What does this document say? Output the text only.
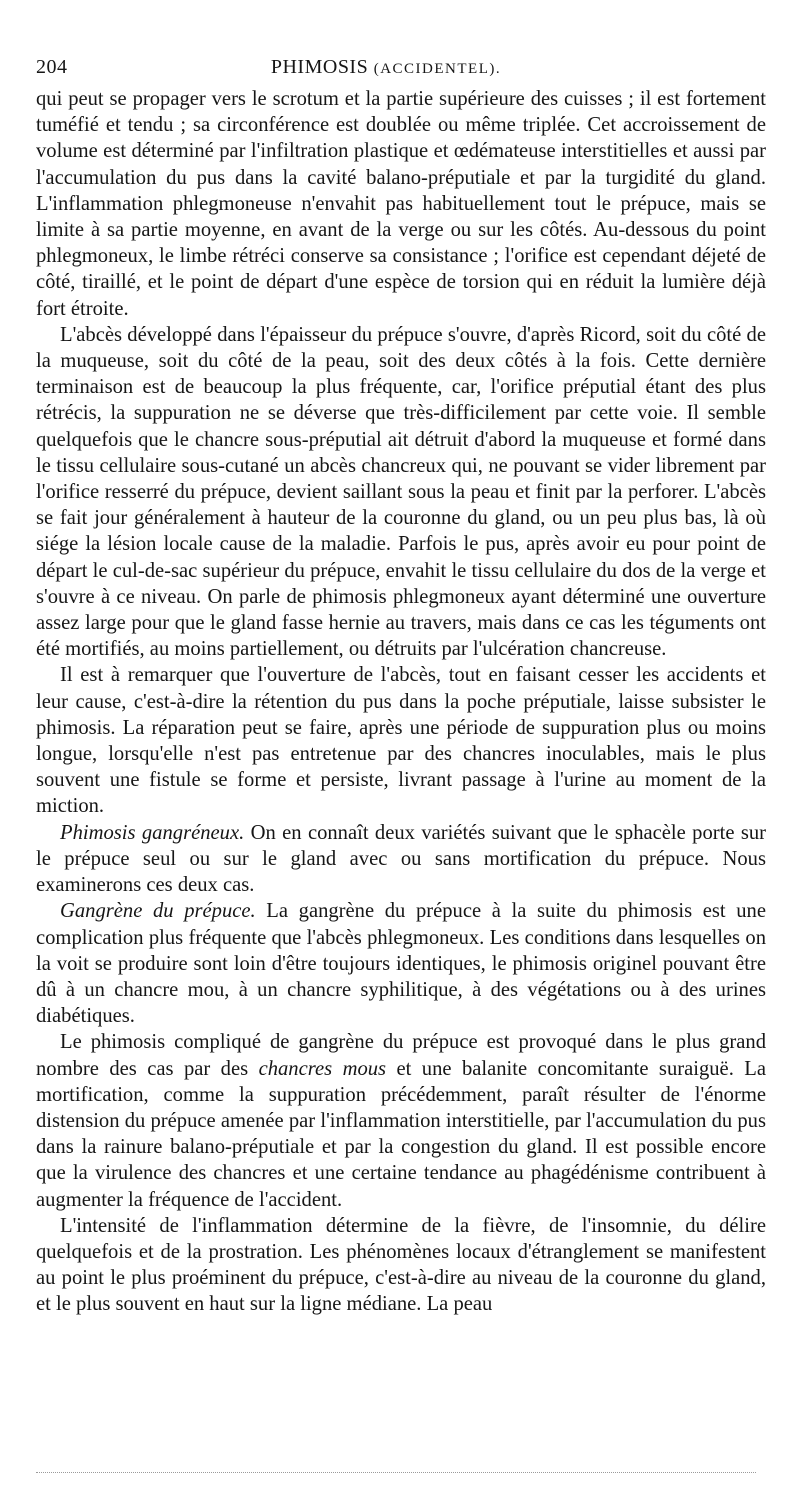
204	PHIMOSIS (ACCIDENTEL).

qui peut se propager vers le scrotum et la partie supérieure des cuisses ; il est fortement tuméfié et tendu ; sa circonférence est doublée ou même triplée. Cet accroissement de volume est déterminé par l'infiltration plastique et œdémateuse interstitielles et aussi par l'accumulation du pus dans la cavité balano-préputiale et par la turgidité du gland. L'inflammation phlegmoneuse n'envahit pas habituellement tout le prépuce, mais se limite à sa partie moyenne, en avant de la verge ou sur les côtés. Au-dessous du point phlegmoneux, le limbe rétréci conserve sa consistance ; l'orifice est cependant déjeté de côté, tiraillé, et le point de départ d'une espèce de torsion qui en réduit la lumière déjà fort étroite.

L'abcès développé dans l'épaisseur du prépuce s'ouvre, d'après Ricord, soit du côté de la muqueuse, soit du côté de la peau, soit des deux côtés à la fois. Cette dernière terminaison est de beaucoup la plus fréquente, car, l'orifice préputial étant des plus rétrécis, la suppuration ne se déverse que très-difficilement par cette voie. Il semble quelquefois que le chancre sous-préputial ait détruit d'abord la muqueuse et formé dans le tissu cellulaire sous-cutané un abcès chancreux qui, ne pouvant se vider librement par l'orifice resserré du prépuce, devient saillant sous la peau et finit par la perforer. L'abcès se fait jour généralement à hauteur de la couronne du gland, ou un peu plus bas, là où siége la lésion locale cause de la maladie. Parfois le pus, après avoir eu pour point de départ le cul-de-sac supérieur du prépuce, envahit le tissu cellulaire du dos de la verge et s'ouvre à ce niveau. On parle de phimosis phlegmoneux ayant déterminé une ouverture assez large pour que le gland fasse hernie au travers, mais dans ce cas les téguments ont été mortifiés, au moins partiellement, ou détruits par l'ulcération chancreuse.

Il est à remarquer que l'ouverture de l'abcès, tout en faisant cesser les accidents et leur cause, c'est-à-dire la rétention du pus dans la poche préputiale, laisse subsister le phimosis. La réparation peut se faire, après une période de suppuration plus ou moins longue, lorsqu'elle n'est pas entretenue par des chancres inoculables, mais le plus souvent une fistule se forme et persiste, livrant passage à l'urine au moment de la miction.

Phimosis gangréneux. On en connaît deux variétés suivant que le sphacèle porte sur le prépuce seul ou sur le gland avec ou sans mortification du prépuce. Nous examinerons ces deux cas.

Gangrène du prépuce. La gangrène du prépuce à la suite du phimosis est une complication plus fréquente que l'abcès phlegmoneux. Les conditions dans lesquelles on la voit se produire sont loin d'être toujours identiques, le phimosis originel pouvant être dû à un chancre mou, à un chancre syphilitique, à des végétations ou à des urines diabétiques.

Le phimosis compliqué de gangrène du prépuce est provoqué dans le plus grand nombre des cas par des chancres mous et une balanite concomitante suraiguë. La mortification, comme la suppuration précédemment, paraît résulter de l'énorme distension du prépuce amenée par l'inflammation interstitielle, par l'accumulation du pus dans la rainure balano-préputiale et par la congestion du gland. Il est possible encore que la virulence des chancres et une certaine tendance au phagédénisme contribuent à augmenter la fréquence de l'accident.

L'intensité de l'inflammation détermine de la fièvre, de l'insomnie, du délire quelquefois et de la prostration. Les phénomènes locaux d'étranglement se manifestent au point le plus proéminent du prépuce, c'est-à-dire au niveau de la couronne du gland, et le plus souvent en haut sur la ligne médiane. La peau
